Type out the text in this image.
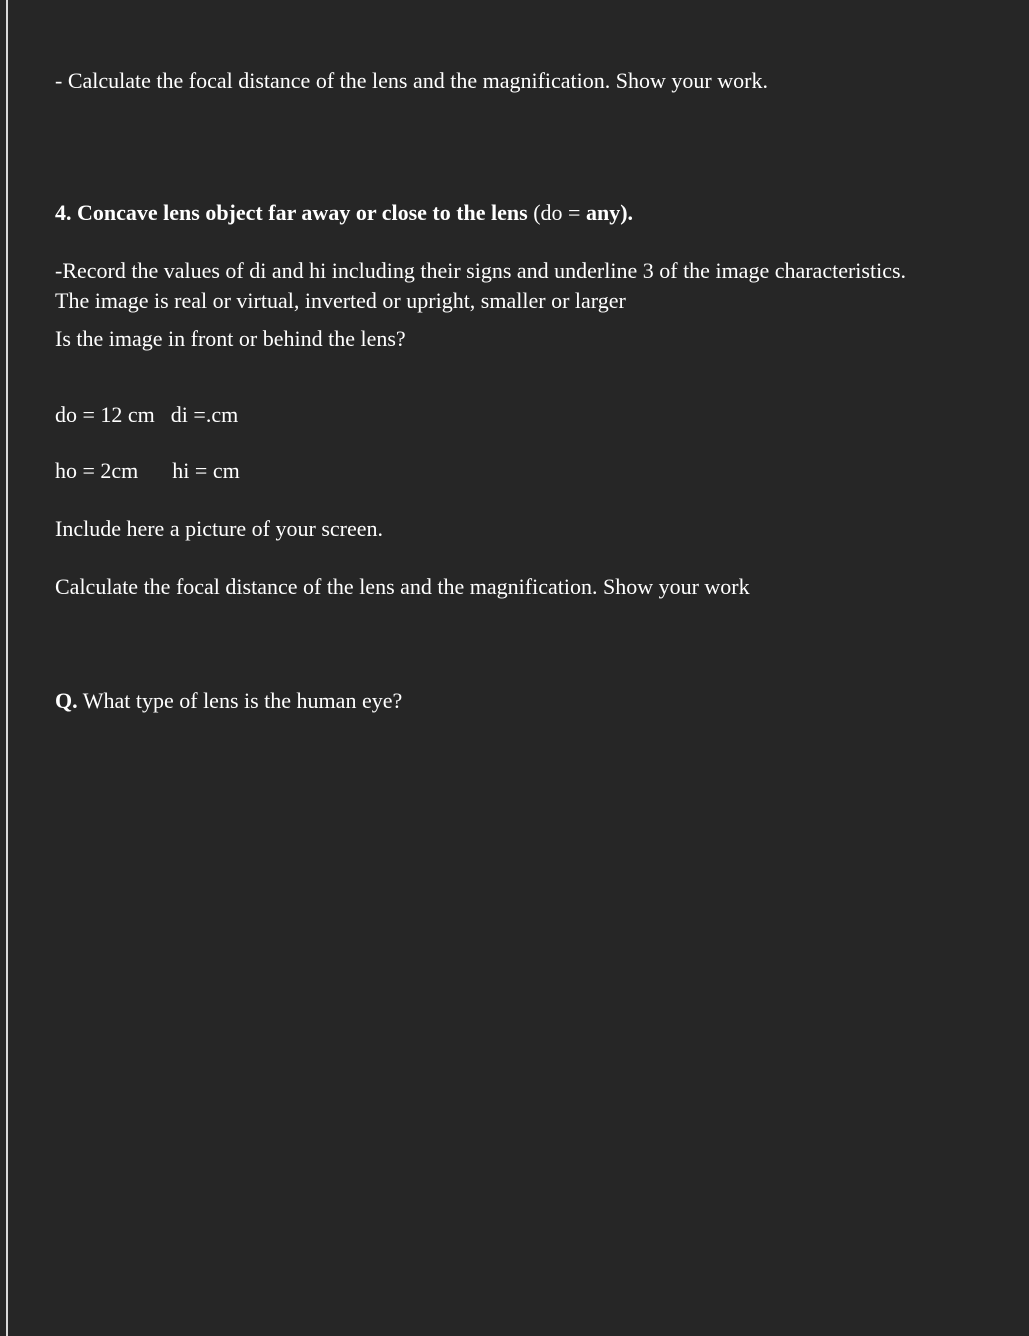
- Calculate the focal distance of the lens and the magnification. Show your work.

4. Concave lens object far away or close to the lens (do = any).

-Record the values of di and hi including their signs and underline 3 of the image characteristics.

The image is real or virtual, inverted or upright, smaller or larger

Is the image in front or behind the lens?

do = 12 cm di =.cm

ho = 2cm hi = cm

Include here a picture of your screen.

Calculate the focal distance of the lens and the magnification. Show your work

Q. What type of lens is the human eye?
